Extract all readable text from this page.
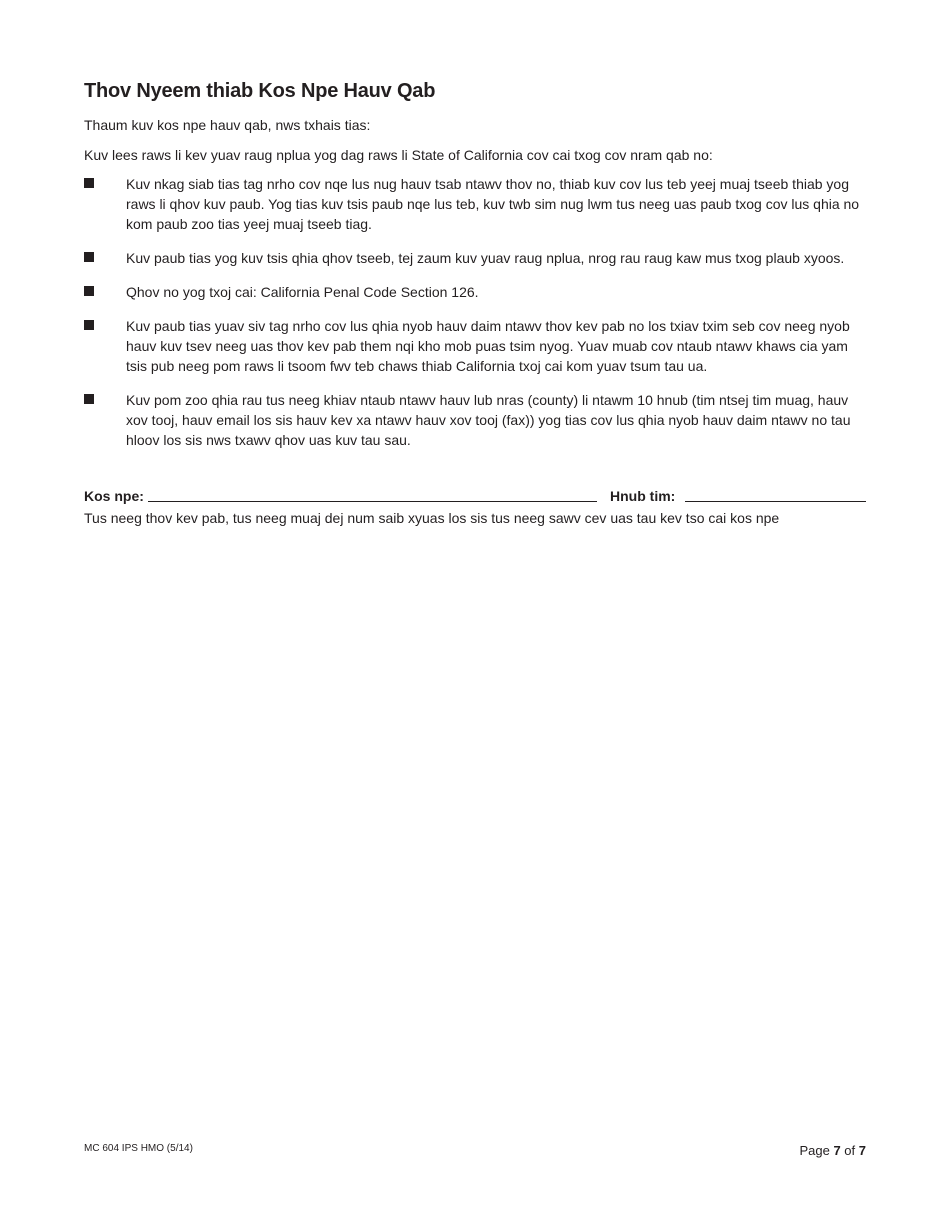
Thov Nyeem thiab Kos Npe Hauv Qab

Thaum kuv kos npe hauv qab, nws txhais tias:

Kuv lees raws li kev yuav raug nplua yog dag raws li State of California cov cai txog cov nram qab no:

Kuv nkag siab tias tag nrho cov nqe lus nug hauv tsab ntawv thov no, thiab kuv cov lus teb yeej muaj tseeb thiab yog raws li qhov kuv paub. Yog tias kuv tsis paub nqe lus teb, kuv twb sim nug lwm tus neeg uas paub txog cov lus qhia no kom paub zoo tias yeej muaj tseeb tiag.
Kuv paub tias yog kuv tsis qhia qhov tseeb, tej zaum kuv yuav raug nplua, nrog rau raug kaw mus txog plaub xyoos.
Qhov no yog txoj cai: California Penal Code Section 126.
Kuv paub tias yuav siv tag nrho cov lus qhia nyob hauv daim ntawv thov kev pab no los txiav txim seb cov neeg nyob hauv kuv tsev neeg uas thov kev pab them nqi kho mob puas tsim nyog. Yuav muab cov ntaub ntawv khaws cia yam tsis pub neeg pom raws li tsoom fwv teb chaws thiab California txoj cai kom yuav tsum tau ua.
Kuv pom zoo qhia rau tus neeg khiav ntaub ntawv hauv lub nras (county) li ntawm 10 hnub (tim ntsej tim muag, hauv xov tooj, hauv email los sis hauv kev xa ntawv hauv xov tooj (fax)) yog tias cov lus qhia nyob hauv daim ntawv no tau hloov los sis nws txawv qhov uas kuv tau sau.
Kos npe:	Hnub tim:

Tus neeg thov kev pab, tus neeg muaj dej num saib xyuas los sis tus neeg sawv cev uas tau kev tso cai kos npe

MC 604 IPS HMO (5/14)	Page 7 of 7
